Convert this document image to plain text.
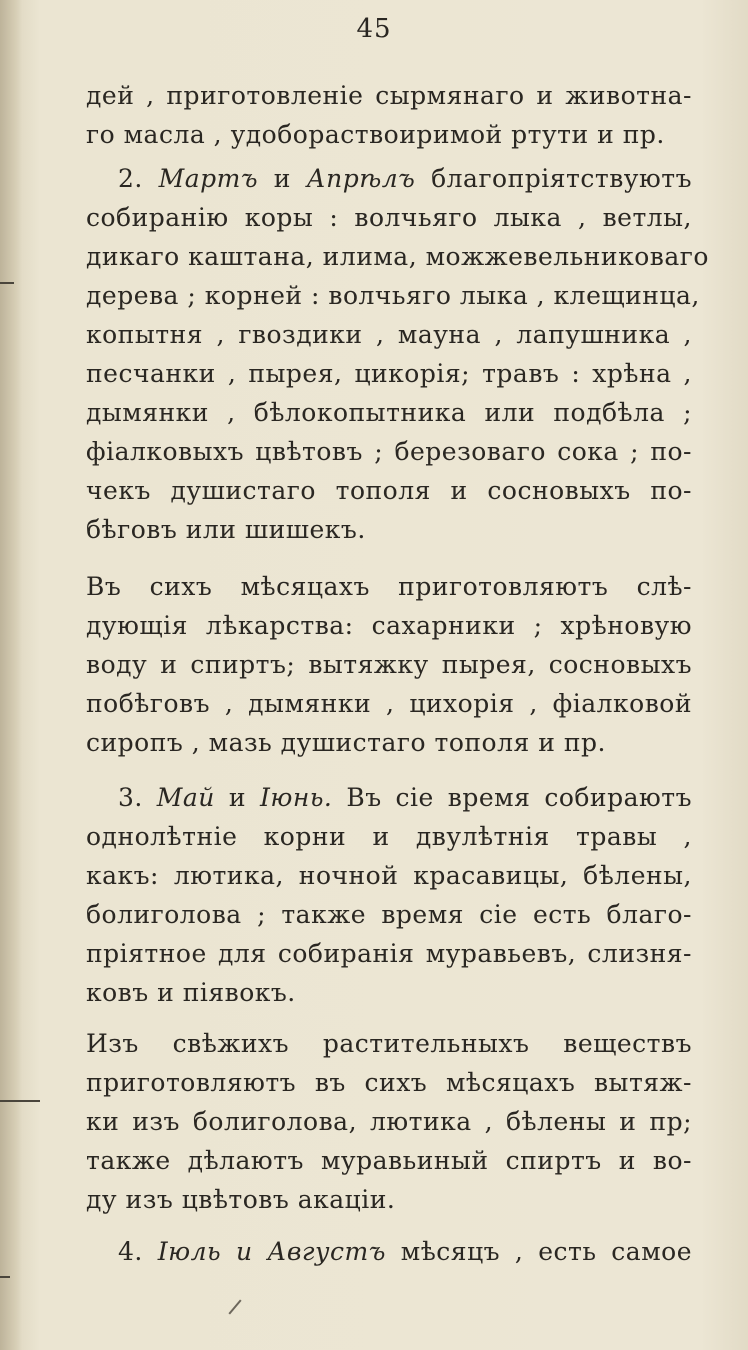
45
дей , приготовленіе сырмянаго и животна-
го масла , удобораствоиримой ртути и пр.
2. Мартъ и Апрѣлъ благопріятствуютъ
собиранію коры : волчьяго лыка , ветлы,
дикаго каштана, илима, можжевельниковаго
дерева ; корней : волчьяго лыка , клещинца,
копытня , гвоздики , мауна , лапушника ,
песчанки , пырея, цикорія; травъ : хрѣна ,
дымянки , бѣлокопытника или подбѣла ;
фіалковыхъ цвѣтовъ ; березоваго сока ; по-
чекъ душистаго тополя и сосновыхъ по-
бѣговъ или шишекъ.
Въ сихъ мѣсяцахъ приготовляютъ слѣ-
дующія лѣкарства: сахарники ; хрѣновую
воду и спиртъ; вытяжку пырея, сосновыхъ
побѣговъ , дымянки , цихорія , фіалковой
сиропъ , мазь душистаго тополя и пр.
3. Май и Іюнь. Въ сіе время собираютъ
однолѣтніе корни и двулѣтнія травы ,
какъ: лютика, ночной красавицы, бѣлены,
болиголова ; также время сіе есть благо-
пріятное для собиранія муравьевъ, слизня-
ковъ и піявокъ.
Изъ свѣжихъ растительныхъ веществъ
приготовляютъ въ сихъ мѣсяцахъ вытяж-
ки изъ болиголова, лютика , бѣлены и пр;
также дѣлаютъ муравьиный спиртъ и во-
ду изъ цвѣтовъ акаціи.
4. Іюль и Августъ мѣсяцъ , есть самое
